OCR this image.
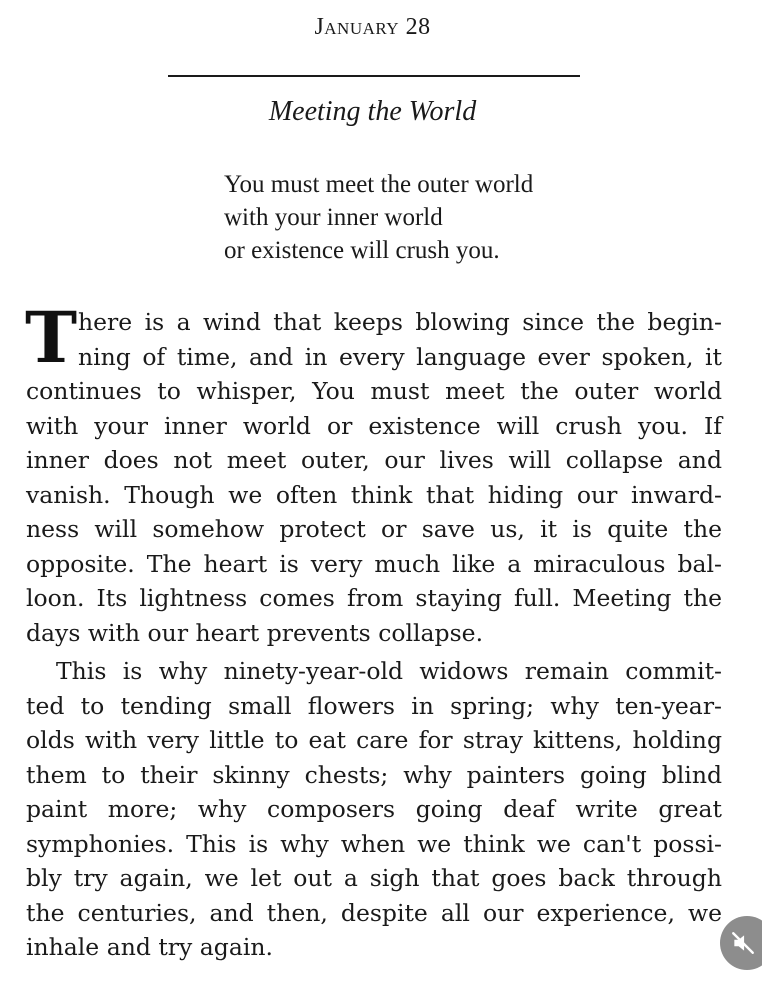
January 28
Meeting the World
You must meet the outer world
with your inner world
or existence will crush you.
T here is a wind that keeps blowing since the begin-
ning of time, and in every language ever spoken, it
continues to whisper, You must meet the outer world
with your inner world or existence will crush you. If
inner does not meet outer, our lives will collapse and
vanish. Though we often think that hiding our inward-
ness will somehow protect or save us, it is quite the
opposite. The heart is very much like a miraculous bal-
loon. Its lightness comes from staying full. Meeting the
days with our heart prevents collapse.
This is why ninety-year-old widows remain commit-
ted to tending small flowers in spring; why ten-year-
olds with very little to eat care for stray kittens, holding
them to their skinny chests; why painters going blind
paint more; why composers going deaf write great
symphonies. This is why when we think we can't possi-
bly try again, we let out a sigh that goes back through
the centuries, and then, despite all our experience, we
inhale and try again.
